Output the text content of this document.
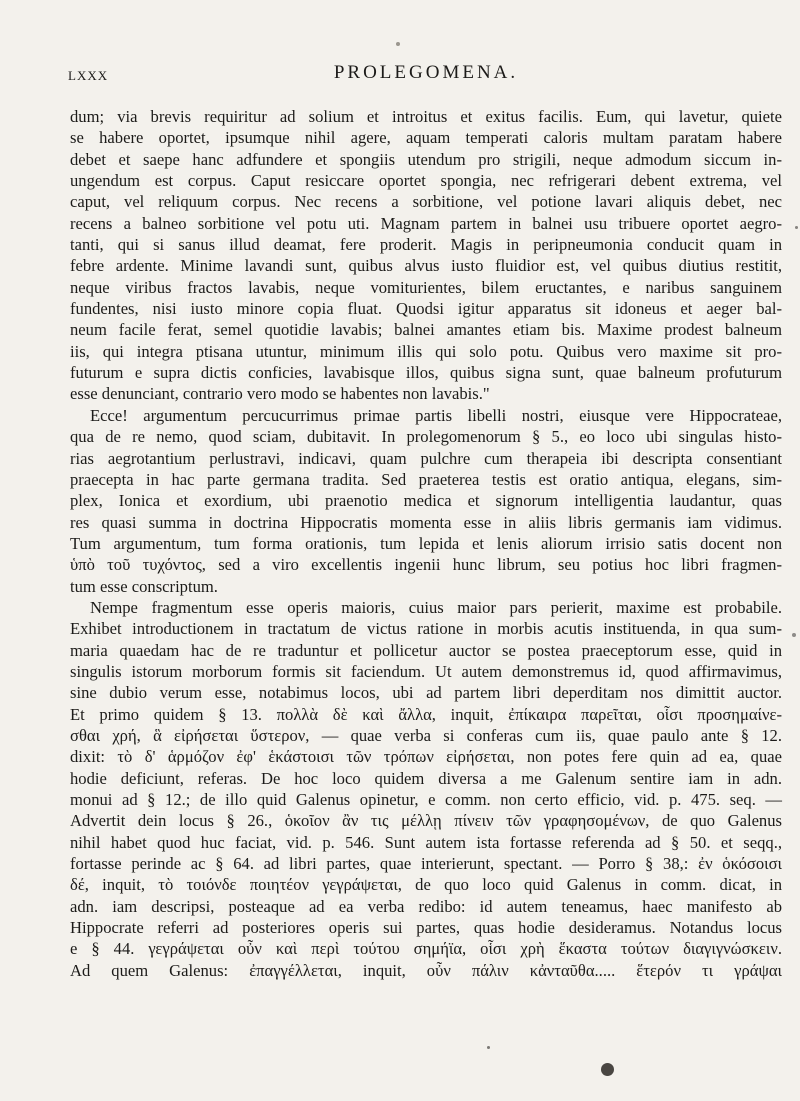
LXXX	PROLEGOMENA.
dum; via brevis requiritur ad solium et introitus et exitus facilis. Eum, qui lavetur, quiete
se habere oportet, ipsumque nihil agere, aquam temperati caloris multam paratam habere
debet et saepe hanc adfundere et spongiis utendum pro strigili, neque admodum siccum in-
ungendum est corpus. Caput resiccare oportet spongia, nec refrigerari debent extrema, vel
caput, vel reliquum corpus. Nec recens a sorbitione, vel potione lavari aliquis debet, nec
recens a balneo sorbitione vel potu uti. Magnam partem in balnei usu tribuere oportet aegro-
tanti, qui si sanus illud deamat, fere proderit. Magis in peripneumonia conducit quam in
febre ardente. Minime lavandi sunt, quibus alvus iusto fluidior est, vel quibus diutius restitit,
neque viribus fractos lavabis, neque vomiturientes, bilem eructantes, e naribus sanguinem
fundentes, nisi iusto minore copia fluat. Quodsi igitur apparatus sit idoneus et aeger bal-
neum facile ferat, semel quotidie lavabis; balnei amantes etiam bis. Maxime prodest balneum
iis, qui integra ptisana utuntur, minimum illis qui solo potu. Quibus vero maxime sit pro-
futurum e supra dictis conficies, lavabisque illos, quibus signa sunt, quae balneum profuturum
esse denunciant, contrario vero modo se habentes non lavabis."
Ecce! argumentum percucurrimus primae partis libelli nostri, eiusque vere Hippocrateae,
qua de re nemo, quod sciam, dubitavit. In prolegomenorum § 5., eo loco ubi singulas histo-
rias aegrotantium perlustravi, indicavi, quam pulchre cum therapeia ibi descripta consentiant
praecepta in hac parte germana tradita. Sed praeterea testis est oratio antiqua, elegans, sim-
plex, Ionica et exordium, ubi praenotio medica et signorum intelligentia laudantur, quas
res quasi summa in doctrina Hippocratis momenta esse in aliis libris germanis iam vidimus.
Tum argumentum, tum forma orationis, tum lepida et lenis aliorum irrisio satis docent non
ὑπὸ τοῦ τυχόντος, sed a viro excellentis ingenii hunc librum, seu potius hoc libri fragmen-
tum esse conscriptum.
Nempe fragmentum esse operis maioris, cuius maior pars perierit, maxime est probabile.
Exhibet introductionem in tractatum de victus ratione in morbis acutis instituenda, in qua sum-
maria quaedam hac de re traduntur et pollicetur auctor se postea praeceptorum esse, quid in
singulis istorum morborum formis sit faciendum. Ut autem demonstremus id, quod affirmavimus,
sine dubio verum esse, notabimus locos, ubi ad partem libri deperditam nos dimittit auctor.
Et primo quidem § 13. πολλὰ δὲ καὶ ἄλλα, inquit, ἐπίκαιρα παρεῖται, οἷσι προσημαίνε-
σθαι χρή, ἃ εἰρήσεται ὕστερον, — quae verba si conferas cum iis, quae paulo ante § 12.
dixit: τὸ δ' ἁρμόζον ἐφ' ἑκάστοισι τῶν τρόπων εἰρήσεται, non potes fere quin ad ea, quae
hodie deficiunt, referas. De hoc loco quidem diversa a me Galenum sentire iam in adn.
monui ad § 12.; de illo quid Galenus opinetur, e comm. non certo efficio, vid. p. 475. seq. —
Advertit dein locus § 26., ὁκοῖον ἂν τις μέλλῃ πίνειν τῶν γραφησομένων, de quo Galenus
nihil habet quod huc faciat, vid. p. 546. Sunt autem ista fortasse referenda ad § 50. et seqq.,
fortasse perinde ac § 64. ad libri partes, quae interierunt, spectant. — Porro § 38,: ἐν ὁκόσοισι
δέ, inquit, τὸ τοιόνδε ποιητέον γεγράψεται, de quo loco quid Galenus in comm. dicat, in
adn. iam descripsi, posteaque ad ea verba redibo: id autem teneamus, haec manifesto ab
Hippocrate referri ad posteriores operis sui partes, quas hodie desideramus. Notandus locus
e § 44. γεγράψεται οὖν καὶ περὶ τούτου σημήϊα, οἷσι χρὴ ἕκαστα τούτων διαγιγνώσκειν.
Ad quem Galenus: ἐπαγγέλλεται, inquit, οὖν πάλιν κἀνταῦθα..... ἕτερόν τι γράψαι
